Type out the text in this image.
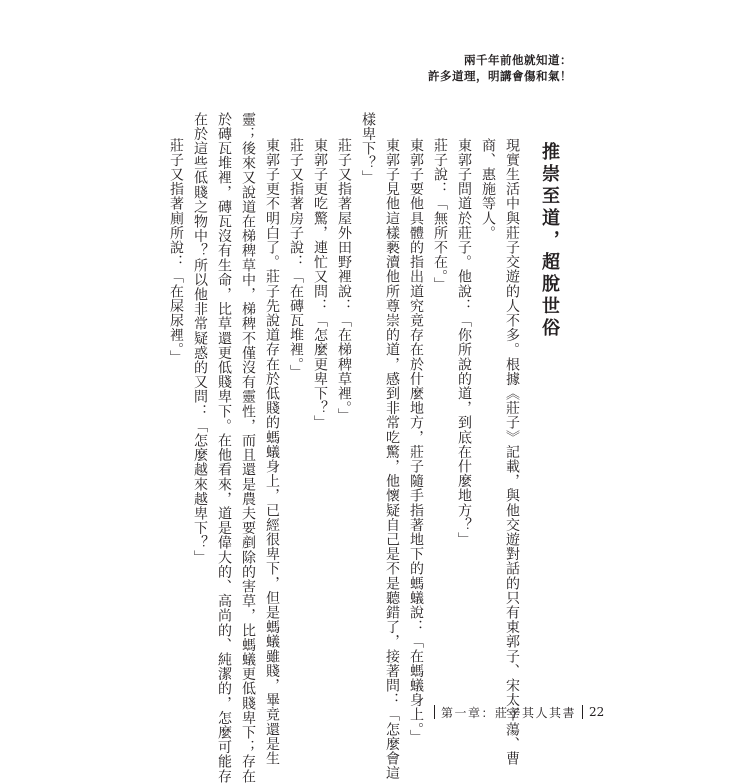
兩千年前他就知道：
許多道理，明講會傷和氣！
推崇至道，超脫世俗
現實生活中與莊子交遊的人不多。根據《莊子》記載，與他交遊對話的只有東郭子、宋太宰蕩、曹
商、惠施等人。
東郭子問道於莊子。他說：「你所說的道，到底在什麼地方？」
莊子說：「無所不在。」
東郭子要他具體的指出道究竟存在於什麼地方，莊子隨手指著地下的螞蟻說：「在螞蟻身上。」
東郭子見他這樣褻瀆他所尊崇的道，感到非常吃驚，他懷疑自己是不是聽錯了，接著問：「怎麼會這
樣卑下？」
莊子又指著屋外田野裡說：「在梯稗草裡。」
東郭子更吃驚，連忙又問：「怎麼更卑下？」
莊子又指著房子說：「在磚瓦堆裡。」
東郭子更不明白了。莊子先說道存在於低賤的螞蟻身上，已經很卑下，但是螞蟻雖賤，畢竟還是生
靈；後來又說道在梯稗草中，梯稗不僅沒有靈性，而且還是農夫要剷除的害草，比螞蟻更低賤卑下；存在
於磚瓦堆裡，磚瓦沒有生命，比草還更低賤卑下。在他看來，道是偉大的、高尚的、純潔的，怎麼可能存
在於這些低賤之物中？所以他非常疑惑的又問：「怎麼越來越卑下？」
莊子又指著廁所說：「在屎尿裡。」
第一章：莊子其人其書 22
